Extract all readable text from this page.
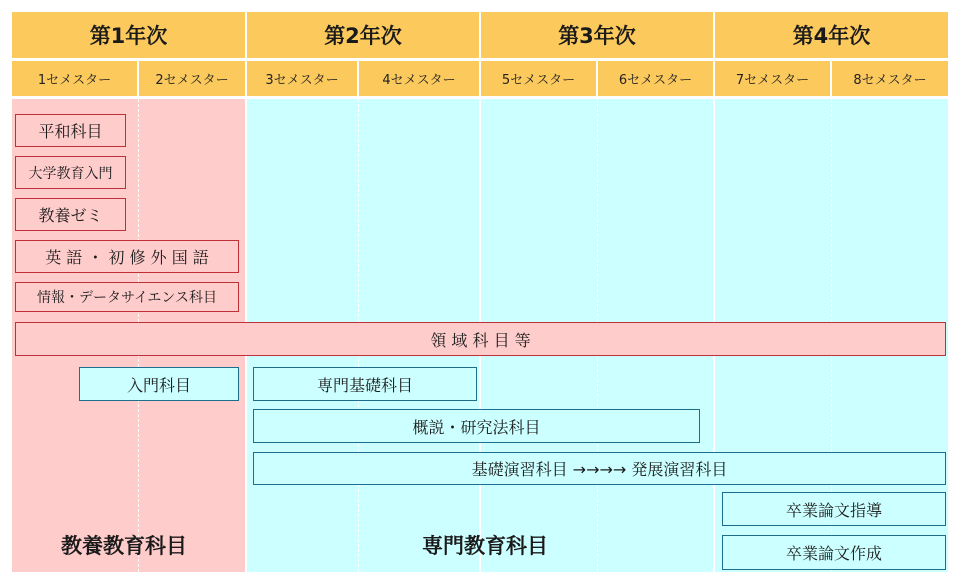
第1年次	第2年次	第3年次	第4年次
1セメスター	2セメスター	3セメスター	4セメスター	5セメスター	6セメスター	7セメスター	8セメスター
平和科目
大学教育入門
教養ゼミ
英 語 ・ 初 修 外 国 語
情報・データサイエンス科目
領 域 科 目 等
入門科目	専門基礎科目
概説・研究法科目
基礎演習科目 →→→→ 発展演習科目
卒業論文指導
卒業論文作成
教養教育科目	専門教育科目
